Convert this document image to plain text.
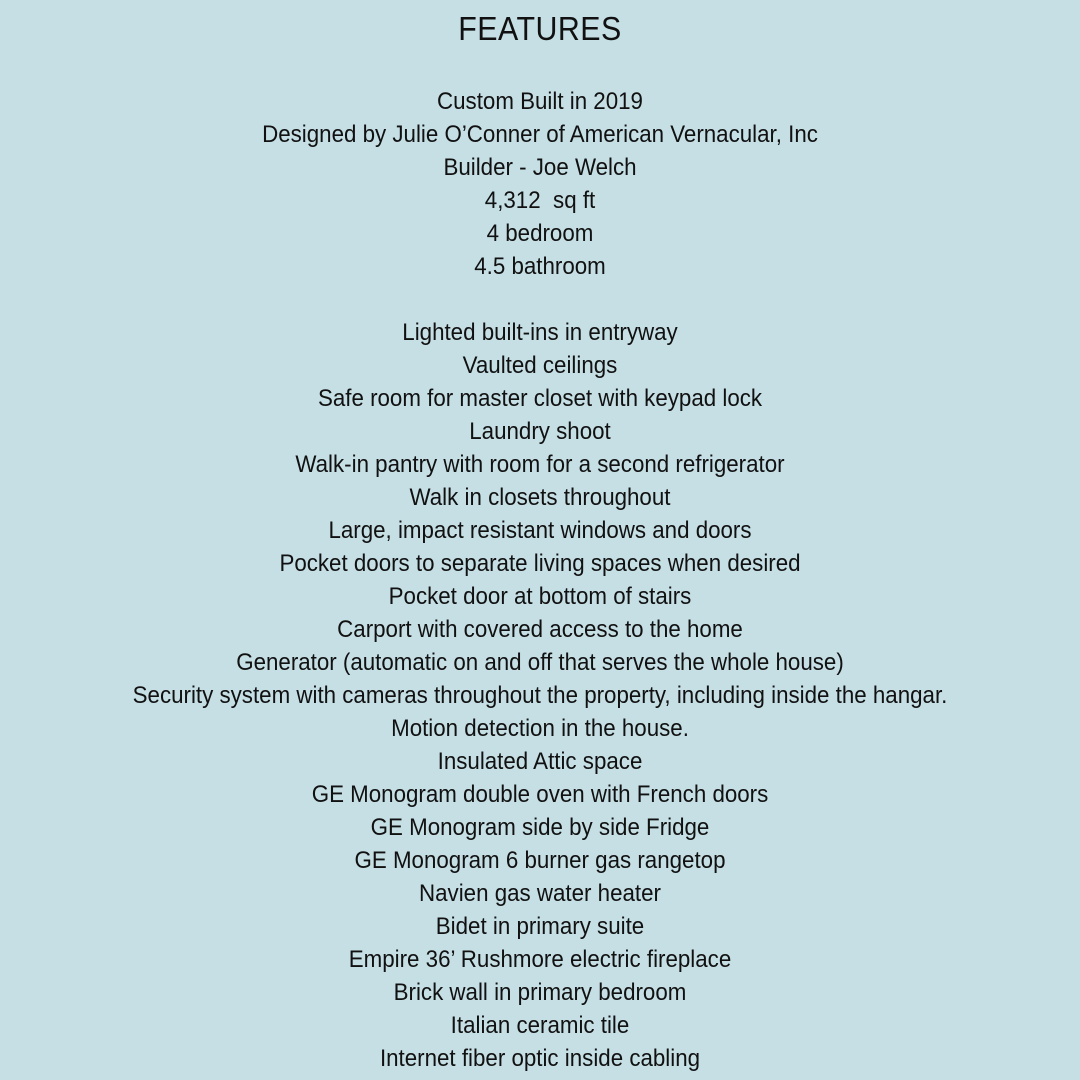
FEATURES
Custom Built in 2019
Designed by Julie O’Conner of American Vernacular, Inc
Builder - Joe Welch
4,312  sq ft
4 bedroom
4.5 bathroom
Lighted built-ins in entryway
Vaulted ceilings
Safe room for master closet with keypad lock
Laundry shoot
Walk-in pantry with room for a second refrigerator
Walk in closets throughout
Large, impact resistant windows and doors
Pocket doors to separate living spaces when desired
Pocket door at bottom of stairs
Carport with covered access to the home
Generator (automatic on and off that serves the whole house)
Security system with cameras throughout the property, including inside the hangar.
Motion detection in the house.
Insulated Attic space
GE Monogram double oven with French doors
GE Monogram side by side Fridge
GE Monogram 6 burner gas rangetop
Navien gas water heater
Bidet in primary suite
Empire 36’ Rushmore electric fireplace
Brick wall in primary bedroom
Italian ceramic tile
Internet fiber optic inside cabling
